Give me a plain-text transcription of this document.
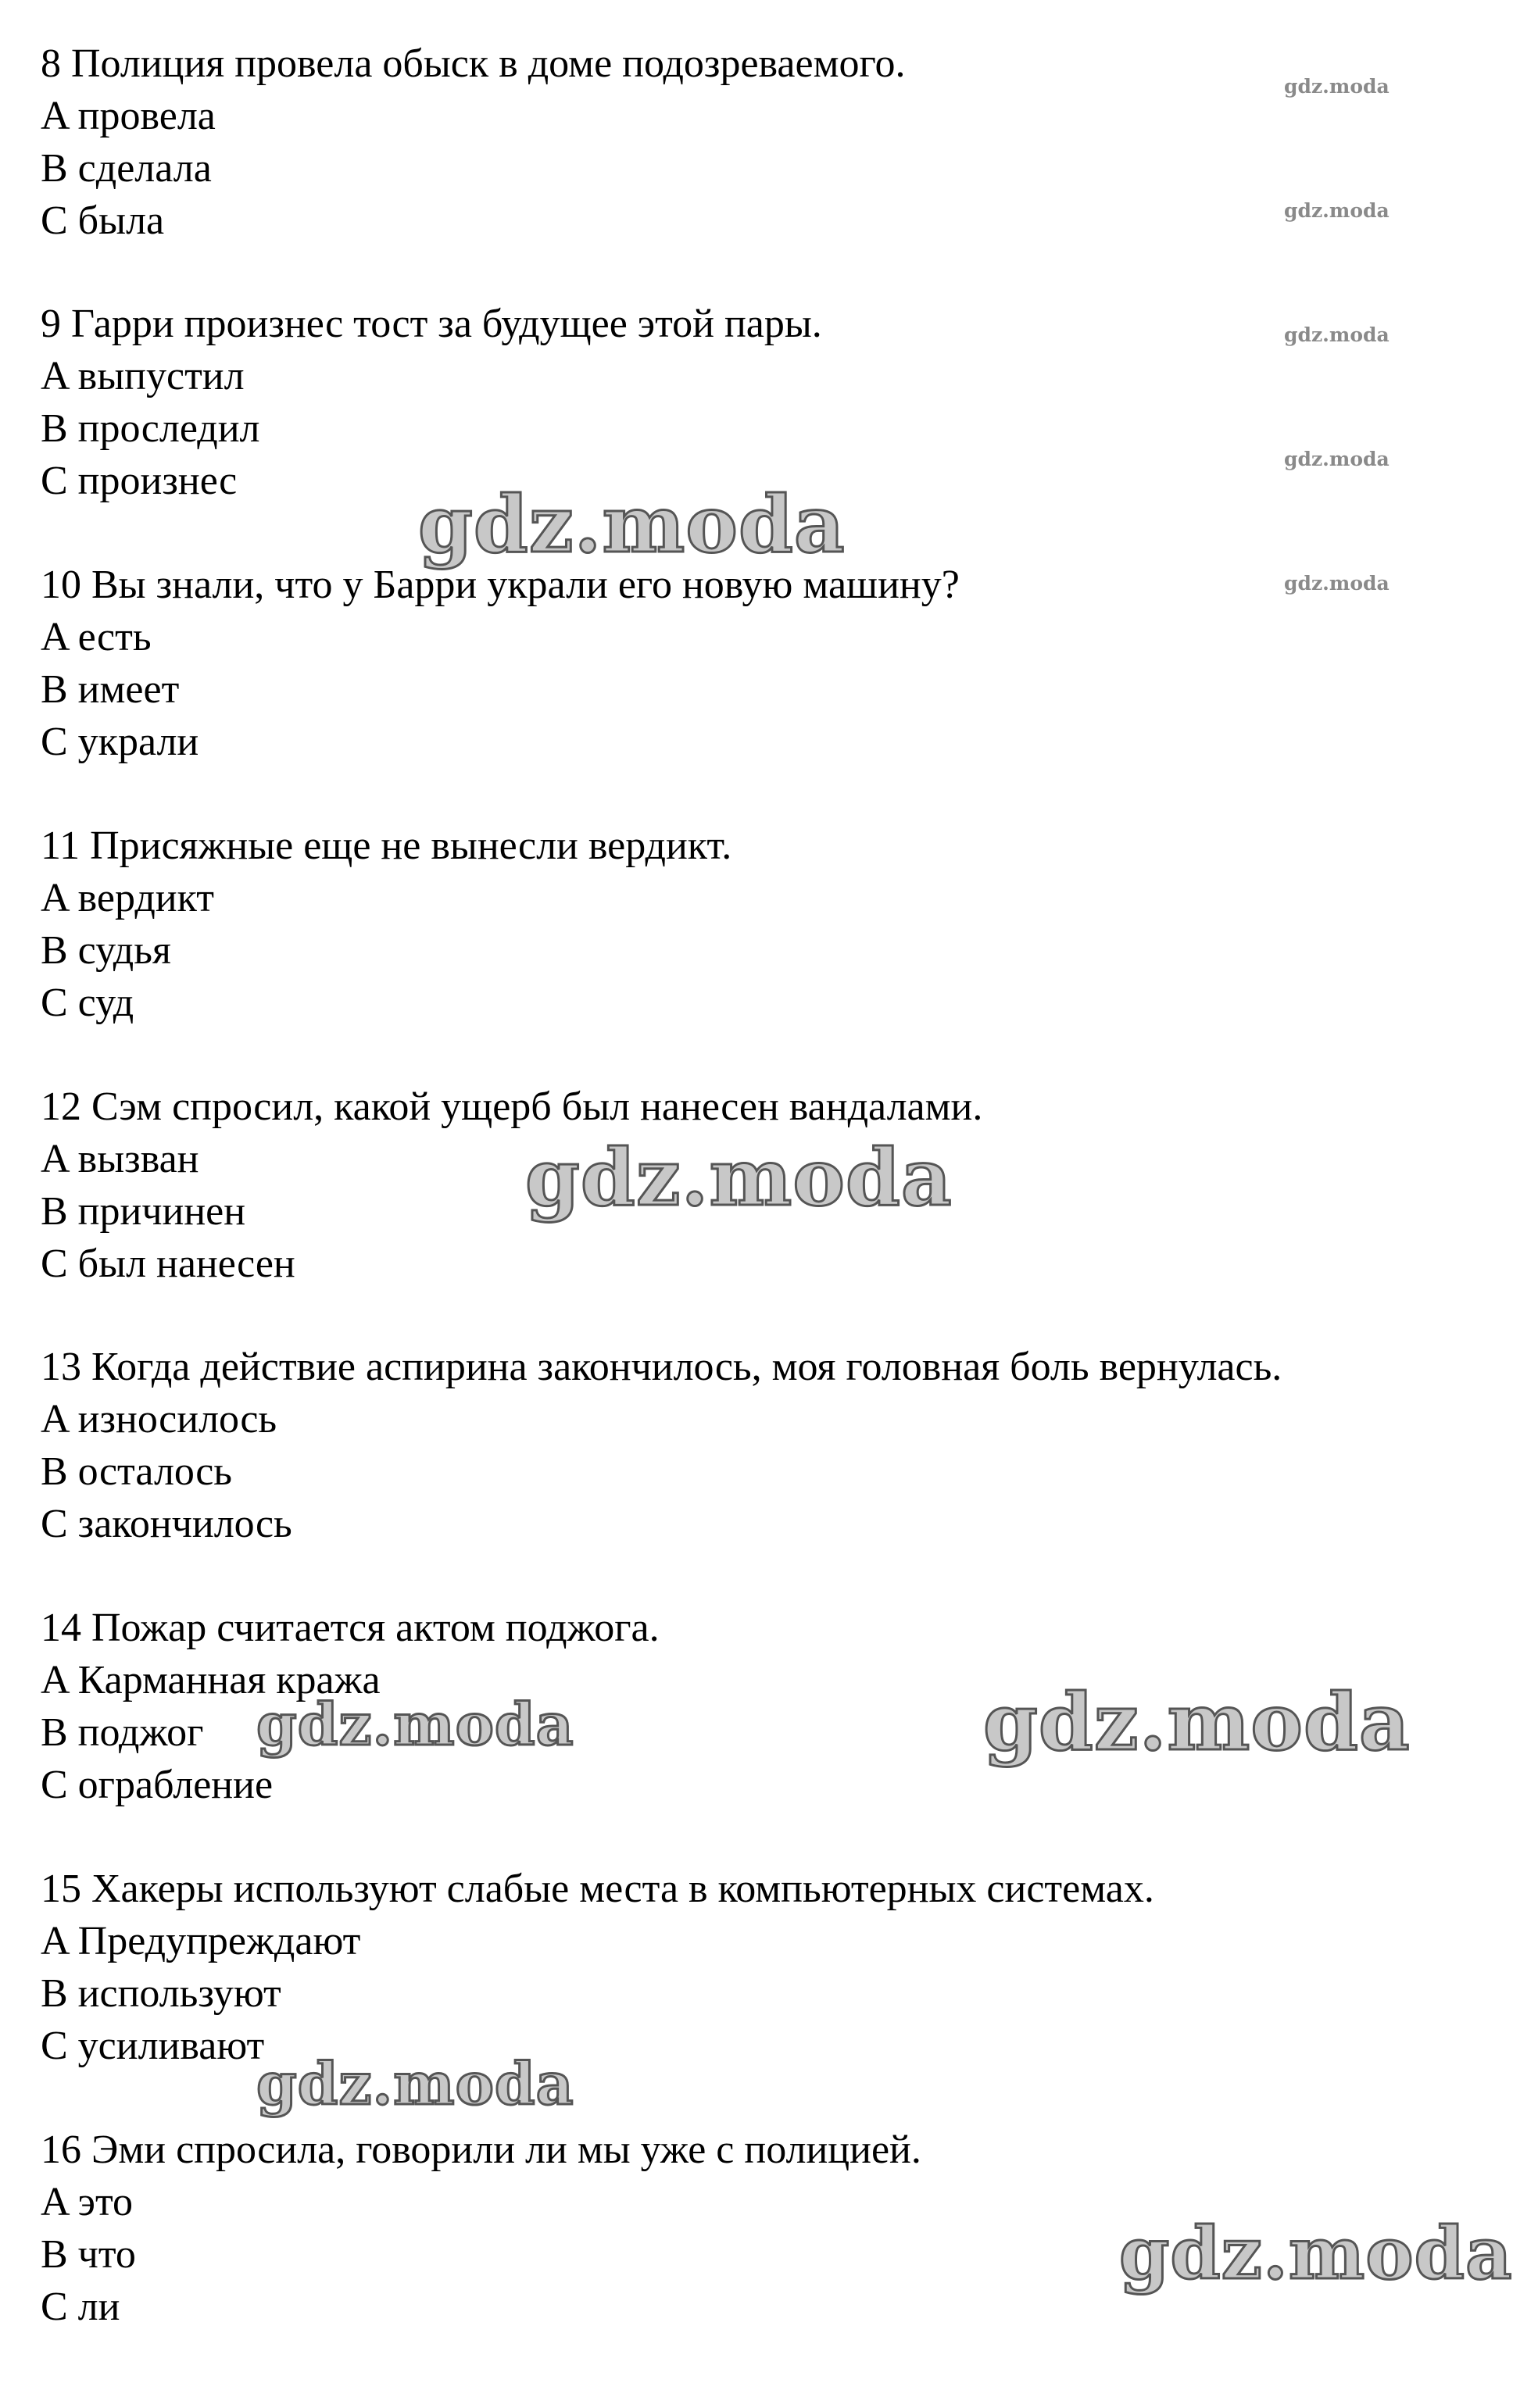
8 Полиция провела обыск в доме подозреваемого.
A провела
B сделала
C была
9 Гарри произнес тост за будущее этой пары.
A выпустил
B проследил
C произнес
10 Вы знали, что у Барри украли его новую машину?
A есть
B имеет
C украли
11 Присяжные еще не вынесли вердикт.
A вердикт
B судья
C суд
12 Сэм спросил, какой ущерб был нанесен вандалами.
A вызван
B причинен
C был нанесен
13 Когда действие аспирина закончилось, моя головная боль вернулась.
A износилось
B осталось
C закончилось
14 Пожар считается актом поджога.
A Карманная кража
B поджог
C ограбление
15 Хакеры используют слабые места в компьютерных системах.
A Предупреждают
B используют
C усиливают
16 Эми спросила, говорили ли мы уже с полицией.
A это
B что
C ли
gdz.moda
gdz.moda
gdz.moda
gdz.moda
gdz.moda
gdz.moda
gdz.moda
gdz.moda
gdz.moda
gdz.moda
gdz.moda
